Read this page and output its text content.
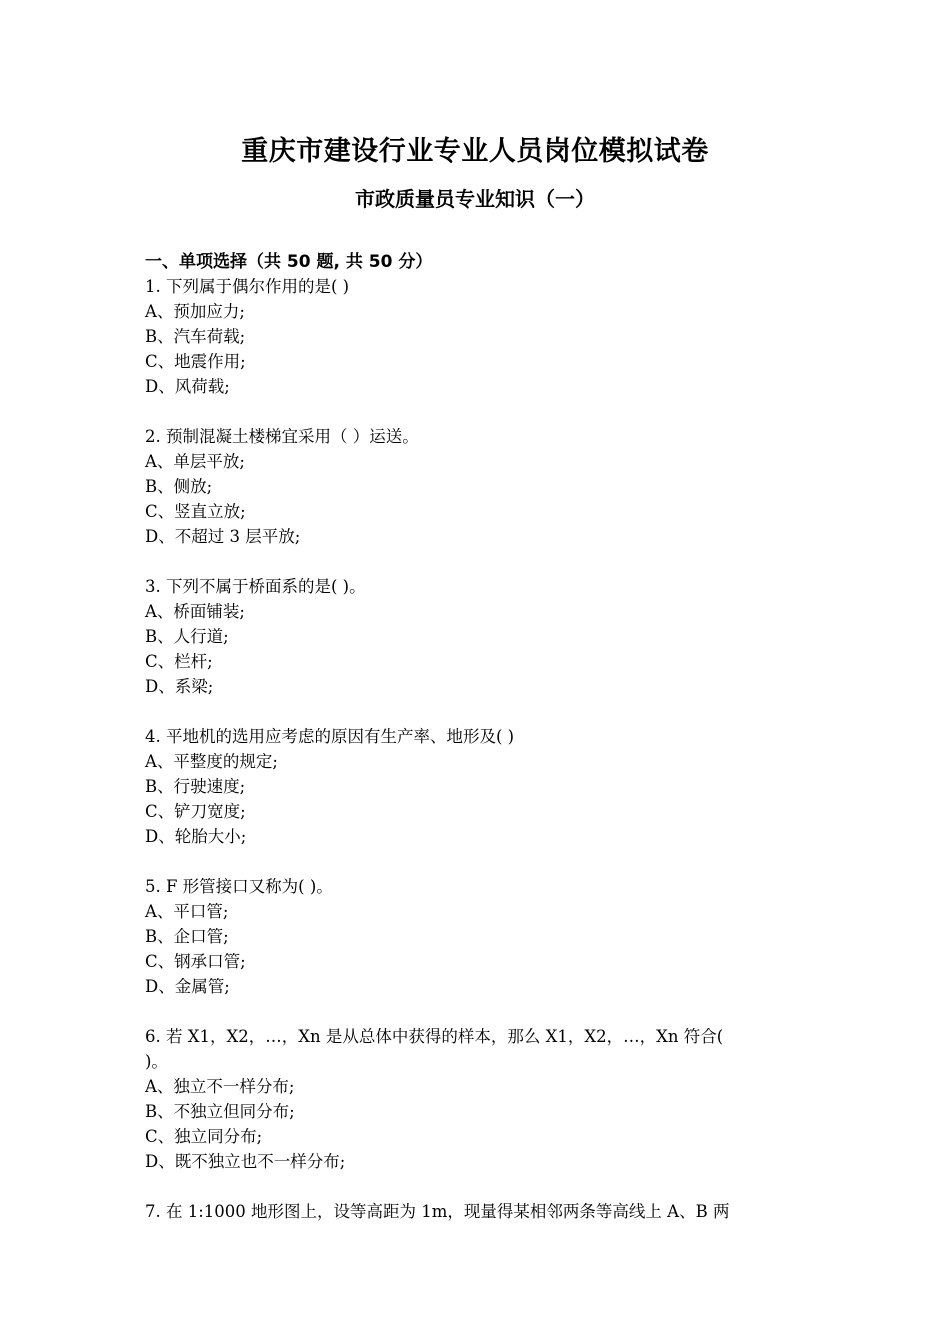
重庆市建设行业专业人员岗位模拟试卷
市政质量员专业知识（一）
一、单项选择（共 50 题, 共 50 分）
1. 下列属于偶尔作用的是( )
A、预加应力;
B、汽车荷载;
C、地震作用;
D、风荷载;
2. 预制混凝土楼梯宜采用（ ）运送。
A、单层平放;
B、侧放;
C、竖直立放;
D、不超过 3 层平放;
3. 下列不属于桥面系的是( )。
A、桥面铺装;
B、人行道;
C、栏杆;
D、系梁;
4. 平地机的选用应考虑的原因有生产率、地形及( )
A、平整度的规定;
B、行驶速度;
C、铲刀宽度;
D、轮胎大小;
5. F 形管接口又称为( )。
A、平口管;
B、企口管;
C、钢承口管;
D、金属管;
6. 若 X1，X2，…，Xn 是从总体中获得的样本，那么 X1，X2，…，Xn 符合(
)。
A、独立不一样分布;
B、不独立但同分布;
C、独立同分布;
D、既不独立也不一样分布;
7. 在 1:1000 地形图上，设等高距为 1m，现量得某相邻两条等高线上 A、B 两
